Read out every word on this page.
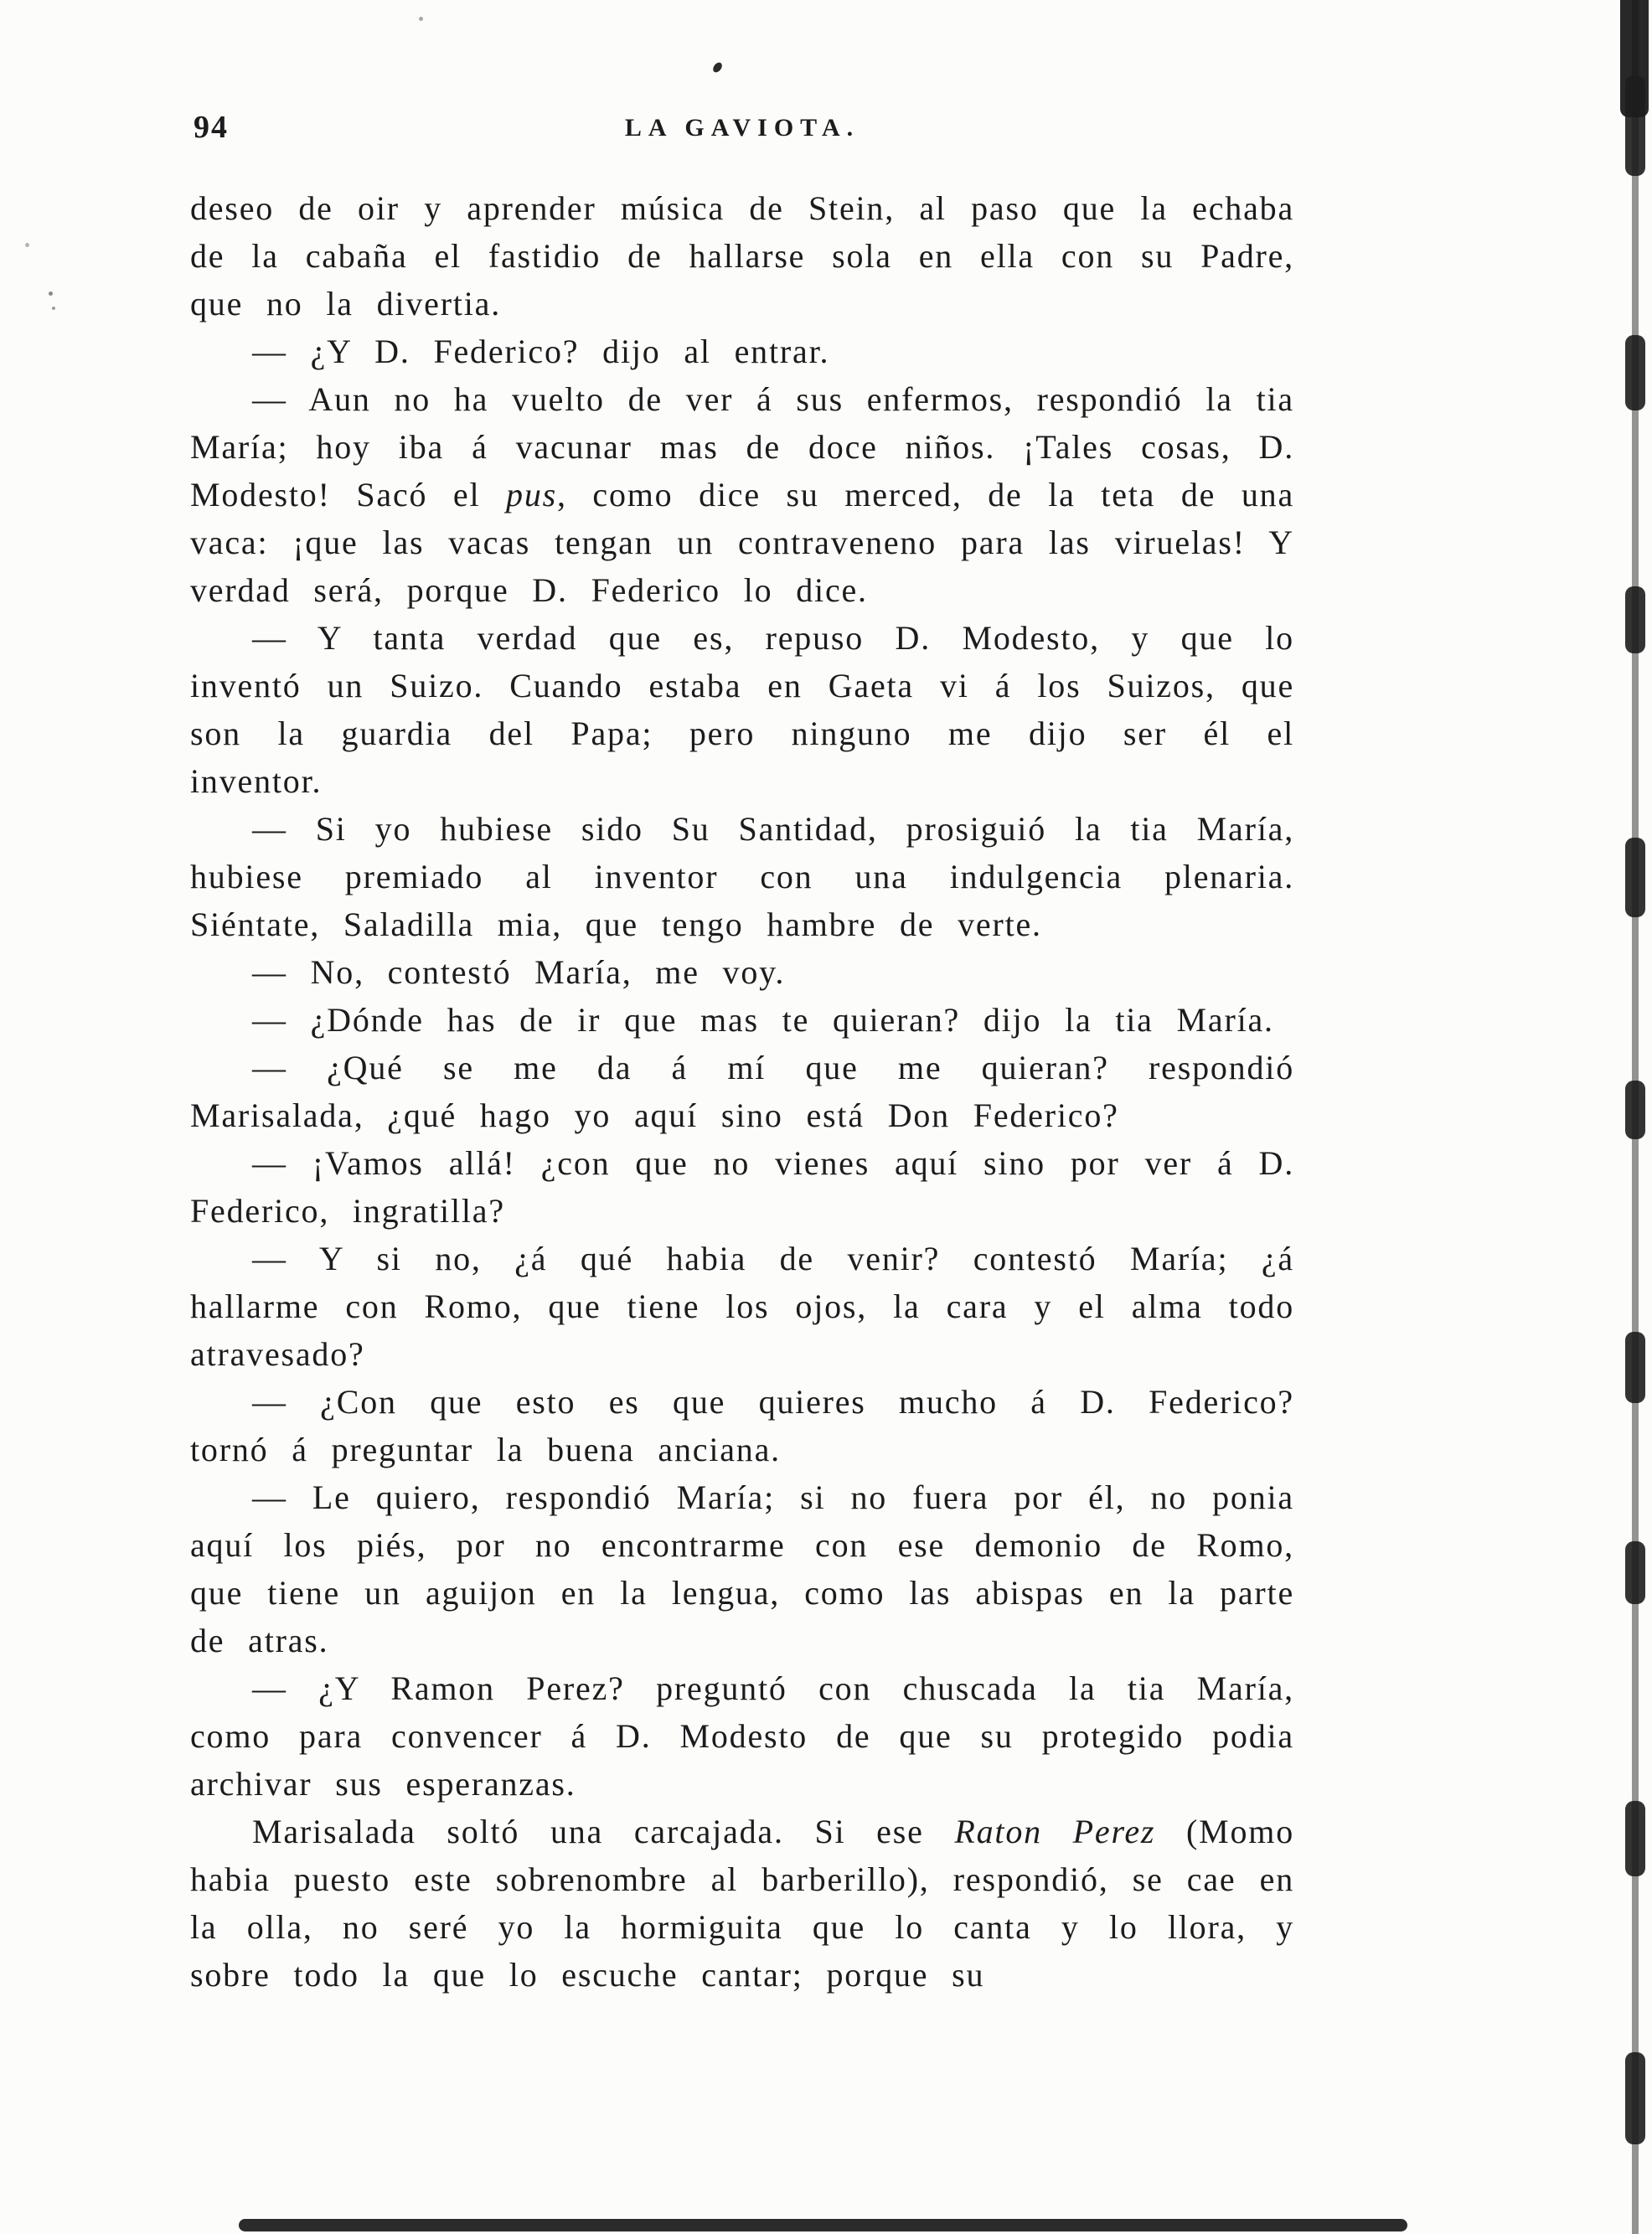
94	LA GAVIOTA.

deseo de oir y aprender música de Stein, al paso que la echaba de la cabaña el fastidio de hallarse sola en ella con su Padre, que no la divertia.

— ¿Y D. Federico? dijo al entrar.

— Aun no ha vuelto de ver á sus enfermos, respondió la tia María; hoy iba á vacunar mas de doce niños. ¡Tales cosas, D. Modesto! Sacó el pus, como dice su merced, de la teta de una vaca: ¡que las vacas tengan un contraveneno para las viruelas! Y verdad será, porque D. Federico lo dice.

— Y tanta verdad que es, repuso D. Modesto, y que lo inventó un Suizo. Cuando estaba en Gaeta vi á los Suizos, que son la guardia del Papa; pero ninguno me dijo ser él el inventor.

— Si yo hubiese sido Su Santidad, prosiguió la tia María, hubiese premiado al inventor con una indulgencia plenaria. Siéntate, Saladilla mia, que tengo hambre de verte.

— No, contestó María, me voy.

— ¿Dónde has de ir que mas te quieran? dijo la tia María.

— ¿Qué se me da á mí que me quieran? respondió Marisalada, ¿qué hago yo aquí sino está Don Federico?

— ¡Vamos allá! ¿con que no vienes aquí sino por ver á D. Federico, ingratilla?

— Y si no, ¿á qué habia de venir? contestó María; ¿á hallarme con Romo, que tiene los ojos, la cara y el alma todo atravesado?

— ¿Con que esto es que quieres mucho á D. Federico? tornó á preguntar la buena anciana.

— Le quiero, respondió María; si no fuera por él, no ponia aquí los piés, por no encontrarme con ese demonio de Romo, que tiene un aguijon en la lengua, como las abispas en la parte de atras.

— ¿Y Ramon Perez? preguntó con chuscada la tia María, como para convencer á D. Modesto de que su protegido podia archivar sus esperanzas.

Marisalada soltó una carcajada. Si ese Raton Perez (Momo habia puesto este sobrenombre al barberillo), respondió, se cae en la olla, no seré yo la hormiguita que lo canta y lo llora, y sobre todo la que lo escuche cantar; porque su
